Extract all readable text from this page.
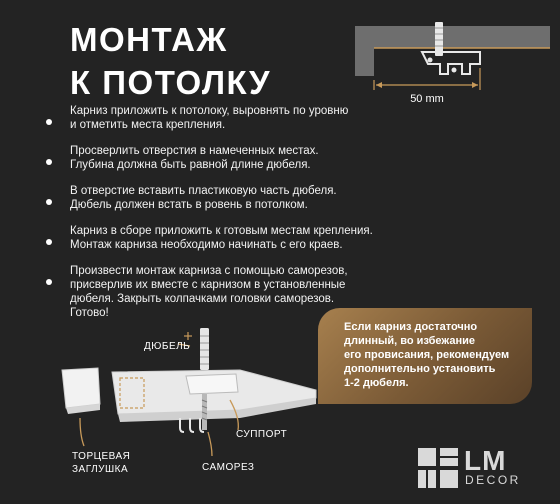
МОНТАЖ
К ПОТОЛКУ	50 mm
Карниз приложить к потолоку, выровнять по уровню
и отметить места крепления.
Просверлить отверстия в намеченных местах.
Глубина должна быть равной длине дюбеля.
В отверстие вставить пластиковую часть дюбеля.
Дюбель должен встать в ровень в потолком.
Карниз в сборе приложить к готовым местам крепления.
Монтаж карниза необходимо начинать с его краев.
Произвести монтаж карниза с помощью саморезов,
присверлив их вместе с карнизом в установленные
дюбеля. Закрыть колпачками головки саморезов.
Готово!
Если карниз достаточно
длинный, во избежание
его провисания, рекомендуем
дополнительно установить
1-2 дюбеля.
ДЮБЕЛЬ
ТОРЦЕВАЯ
ЗАГЛУШКА
СУППОРТ
САМОРЕЗ	LM
DECOR
